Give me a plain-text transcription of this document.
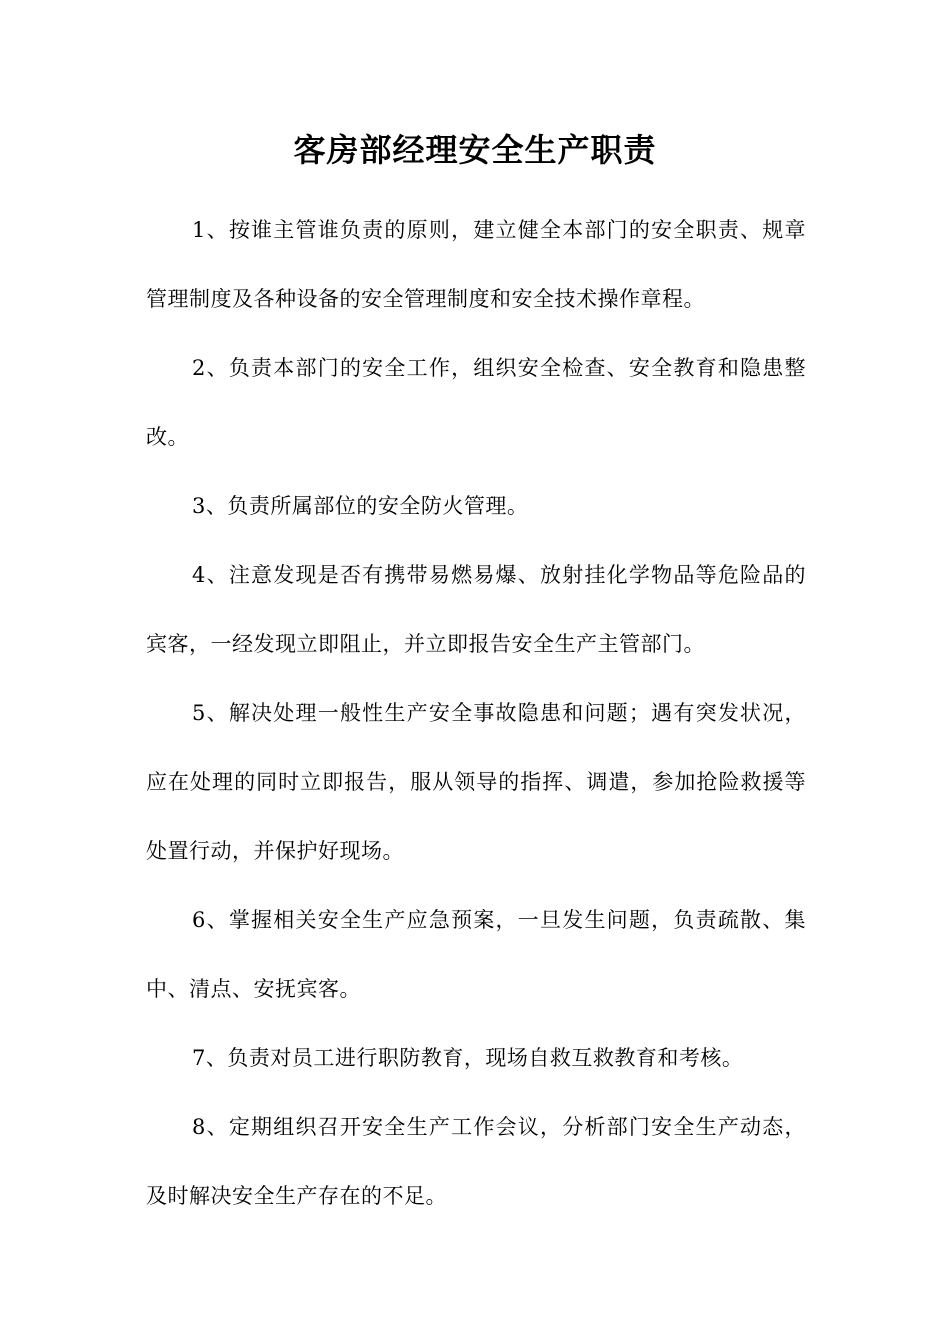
客房部经理安全生产职责

1、按谁主管谁负责的原则，建立健全本部门的安全职责、规章管理制度及各种设备的安全管理制度和安全技术操作章程。

2、负责本部门的安全工作，组织安全检查、安全教育和隐患整改。

3、负责所属部位的安全防火管理。

4、注意发现是否有携带易燃易爆、放射挂化学物品等危险品的宾客，一经发现立即阻止，并立即报告安全生产主管部门。

5、解决处理一般性生产安全事故隐患和问题；遇有突发状况，应在处理的同时立即报告，服从领导的指挥、调遣，参加抢险救援等处置行动，并保护好现场。

6、掌握相关安全生产应急预案，一旦发生问题，负责疏散、集中、清点、安抚宾客。

7、负责对员工进行职防教育，现场自救互救教育和考核。

8、定期组织召开安全生产工作会议，分析部门安全生产动态，及时解决安全生产存在的不足。
